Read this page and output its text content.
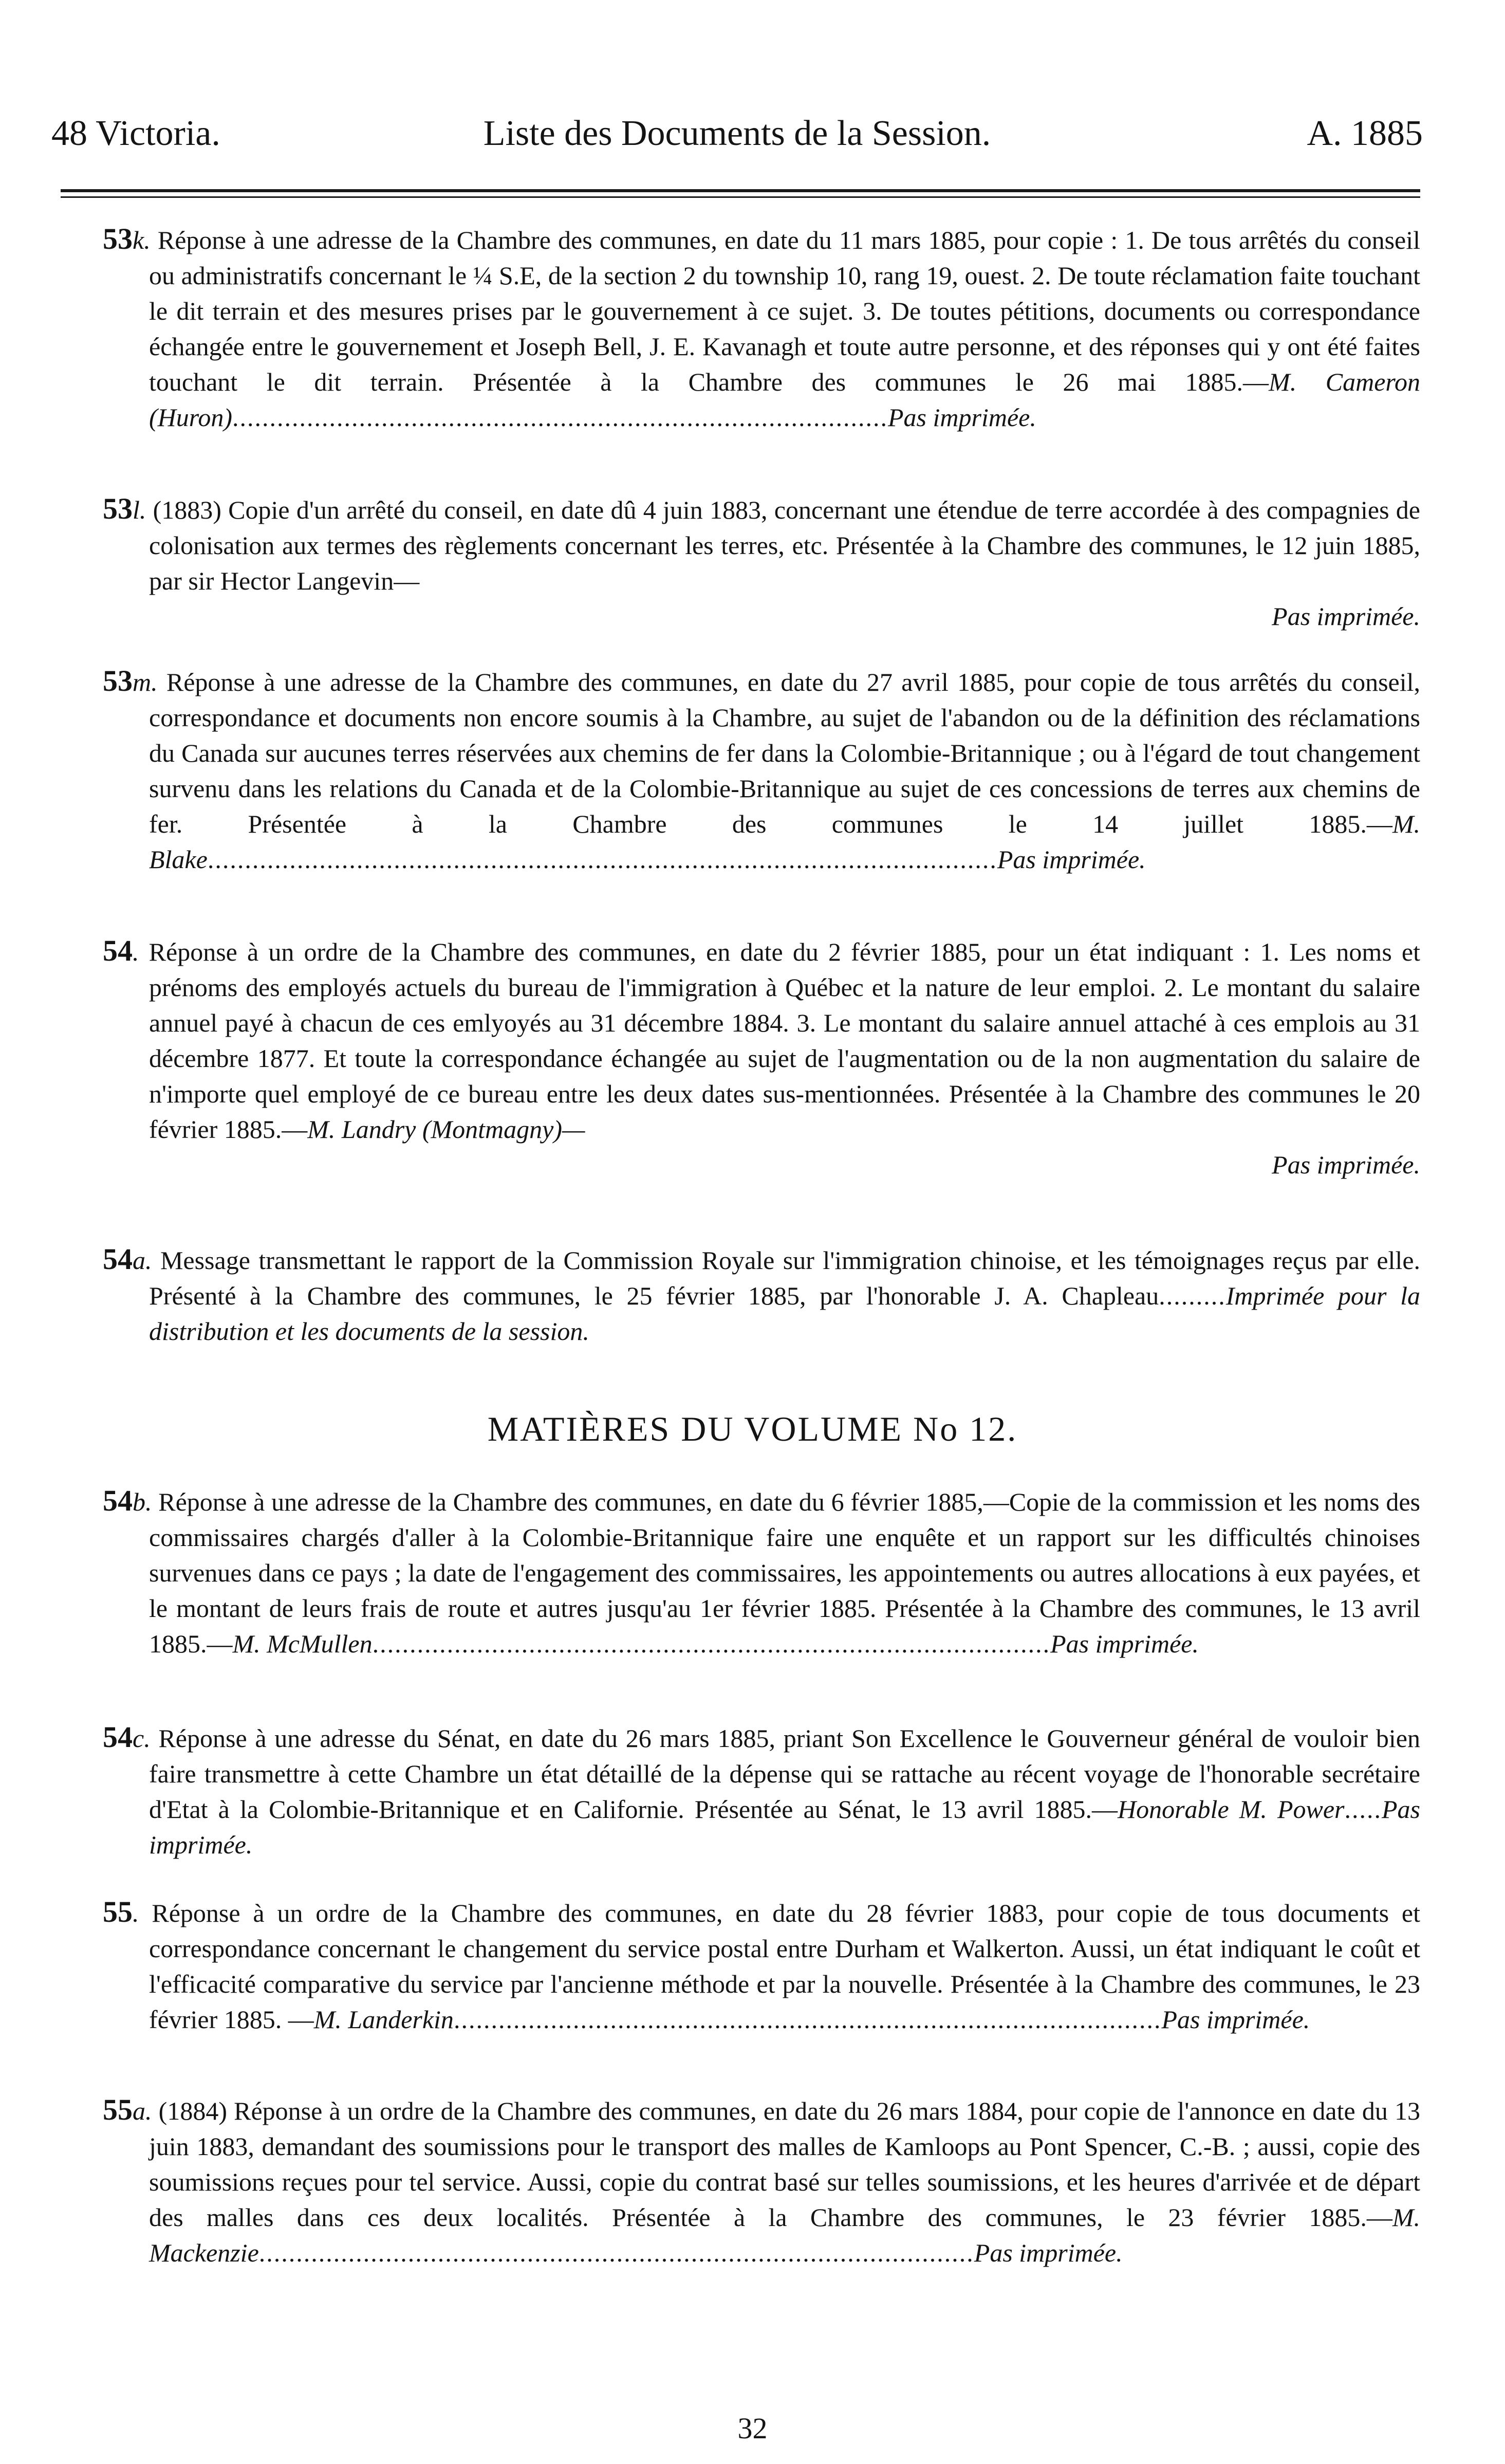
48 Victoria.	Liste des Documents de la Session.	A. 1885

53k. Réponse à une adresse de la Chambre des communes, en date du 11 mars 1885, pour copie : 1. De tous arrêtés du conseil ou administratifs concernant le ¼ S.E, de la section 2 du township 10, rang 19, ouest. 2. De toute réclamation faite touchant le dit terrain et des mesures prises par le gouvernement à ce sujet. 3. De toutes pétitions, documents ou correspondance échangée entre le gouvernement et Joseph Bell, J. E. Kavanagh et toute autre personne, et des réponses qui y ont été faites touchant le dit terrain. Présentée à la Chambre des communes le 26 mai 1885.—M. Cameron (Huron)........................................................................................Pas imprimée.

53l. (1883) Copie d'un arrêté du conseil, en date dû 4 juin 1883, concernant une étendue de terre accordée à des compagnies de colonisation aux termes des règlements concernant les terres, etc. Présentée à la Chambre des communes, le 12 juin 1885, par sir Hector Langevin—
Pas imprimée.

53m. Réponse à une adresse de la Chambre des communes, en date du 27 avril 1885, pour copie de tous arrêtés du conseil, correspondance et documents non encore soumis à la Chambre, au sujet de l'abandon ou de la définition des réclamations du Canada sur aucunes terres réservées aux chemins de fer dans la Colombie-Britannique ; ou à l'égard de tout changement survenu dans les relations du Canada et de la Colombie-Britannique au sujet de ces concessions de terres aux chemins de fer. Présentée à la Chambre des communes le 14 juillet 1885.—M. Blake..........................................................................................................Pas imprimée.

54. Réponse à un ordre de la Chambre des communes, en date du 2 février 1885, pour un état indiquant : 1. Les noms et prénoms des employés actuels du bureau de l'immigration à Québec et la nature de leur emploi. 2. Le montant du salaire annuel payé à chacun de ces emlyoyés au 31 décembre 1884. 3. Le montant du salaire annuel attaché à ces emplois au 31 décembre 1877. Et toute la correspondance échangée au sujet de l'augmentation ou de la non augmentation du salaire de n'importe quel employé de ce bureau entre les deux dates sus-mentionnées. Présentée à la Chambre des communes le 20 février 1885.—M. Landry (Montmagny)—
Pas imprimée.

54a. Message transmettant le rapport de la Commission Royale sur l'immigration chinoise, et les témoignages reçus par elle. Présenté à la Chambre des communes, le 25 février 1885, par l'honorable J. A. Chapleau.........Imprimée pour la distribution et les documents de la session.

MATIÈRES DU VOLUME No 12.

54b. Réponse à une adresse de la Chambre des communes, en date du 6 février 1885,—Copie de la commission et les noms des commissaires chargés d'aller à la Colombie-Britannique faire une enquête et un rapport sur les difficultés chinoises survenues dans ce pays ; la date de l'engagement des commissaires, les appointements ou autres allocations à eux payées, et le montant de leurs frais de route et autres jusqu'au 1er février 1885. Présentée à la Chambre des communes, le 13 avril 1885.—M. McMullen...........................................................................................Pas imprimée.

54c. Réponse à une adresse du Sénat, en date du 26 mars 1885, priant Son Excellence le Gouverneur général de vouloir bien faire transmettre à cette Chambre un état détaillé de la dépense qui se rattache au récent voyage de l'honorable secrétaire d'Etat à la Colombie-Britannique et en Californie. Présentée au Sénat, le 13 avril 1885.—Honorable M. Power.....Pas imprimée.

55. Réponse à un ordre de la Chambre des communes, en date du 28 février 1883, pour copie de tous documents et correspondance concernant le changement du service postal entre Durham et Walkerton. Aussi, un état indiquant le coût et l'efficacité comparative du service par l'ancienne méthode et par la nouvelle. Présentée à la Chambre des communes, le 23 février 1885. —M. Landerkin...............................................................................................Pas imprimée.

55a. (1884) Réponse à un ordre de la Chambre des communes, en date du 26 mars 1884, pour copie de l'annonce en date du 13 juin 1883, demandant des soumissions pour le transport des malles de Kamloops au Pont Spencer, C.-B. ; aussi, copie des soumissions reçues pour tel service. Aussi, copie du contrat basé sur telles soumissions, et les heures d'arrivée et de départ des malles dans ces deux localités. Présentée à la Chambre des communes, le 23 février 1885.—M. Mackenzie................................................................................................Pas imprimée.

32
